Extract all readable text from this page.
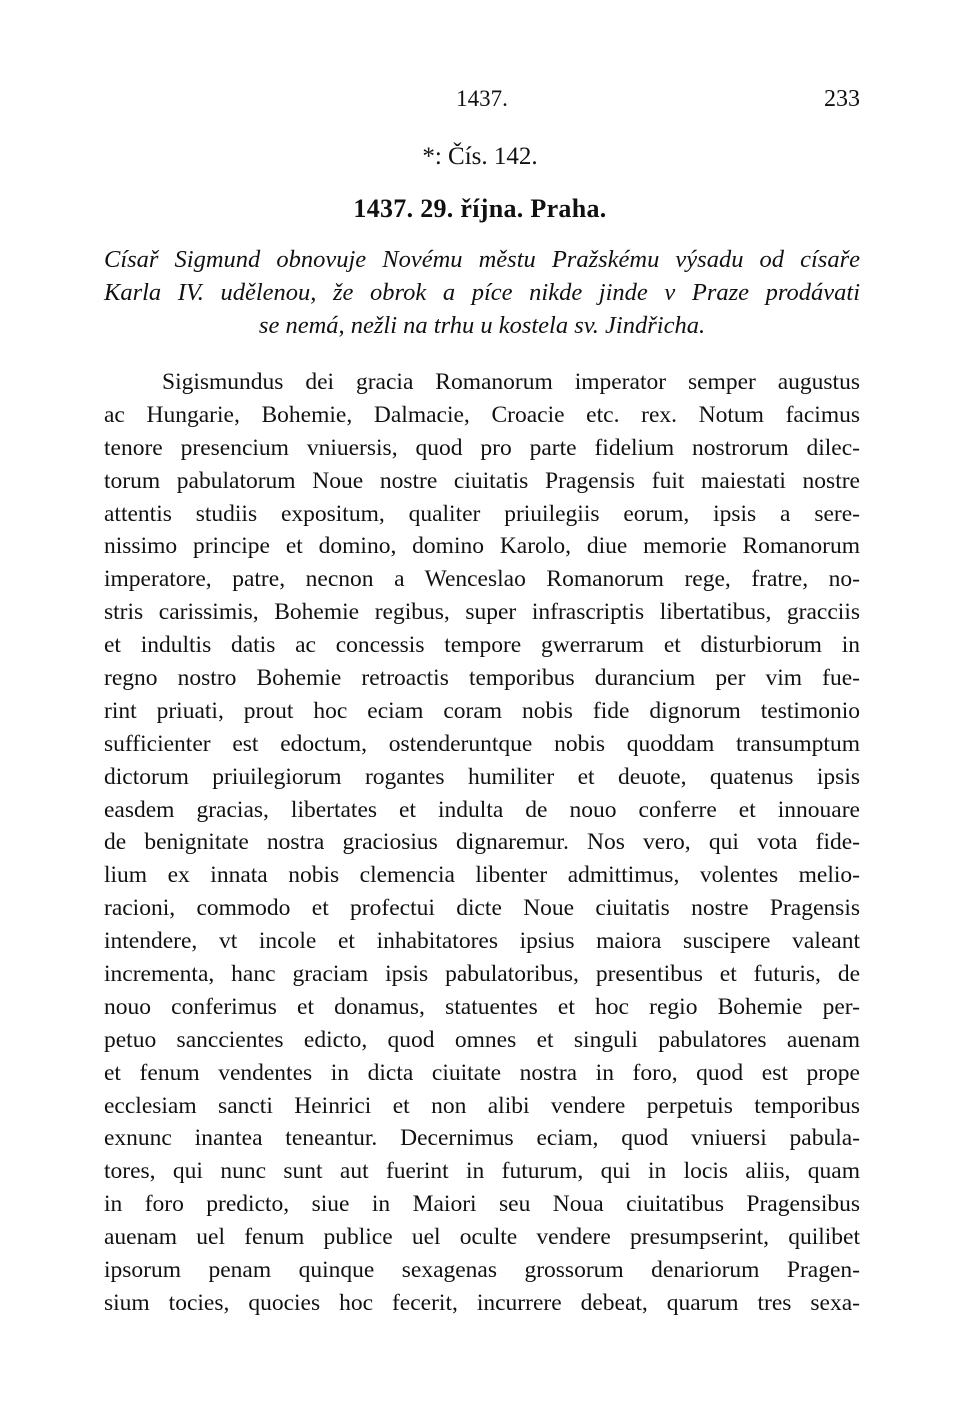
1437.	233
*: Čís. 142.
1437. 29. října. Praha.
Císař Sigmund obnovuje Novému městu Pražskému výsadu od císaře
Karla IV. udělenou, že obrok a píce nikde jinde v Praze prodávati
se nemá, nežli na trhu u kostela sv. Jindřicha.
Sigismundus dei gracia Romanorum imperator semper augustus
ac Hungarie, Bohemie, Dalmacie, Croacie etc. rex. Notum facimus
tenore presencium vniuersis, quod pro parte fidelium nostrorum dilec-
torum pabulatorum Noue nostre ciuitatis Pragensis fuit maiestati nostre
attentis studiis expositum, qualiter priuilegiis eorum, ipsis a sere-
nissimo principe et domino, domino Karolo, diue memorie Romanorum
imperatore, patre, necnon a Wenceslao Romanorum rege, fratre, no-
stris carissimis, Bohemie regibus, super infrascriptis libertatibus, gracciis
et indultis datis ac concessis tempore gwerrarum et disturbiorum in
regno nostro Bohemie retroactis temporibus durancium per vim fue-
rint priuati, prout hoc eciam coram nobis fide dignorum testimonio
sufficienter est edoctum, ostenderuntque nobis quoddam transumptum
dictorum priuilegiorum rogantes humiliter et deuote, quatenus ipsis
easdem gracias, libertates et indulta de nouo conferre et innouare
de benignitate nostra graciosius dignaremur. Nos vero, qui vota fide-
lium ex innata nobis clemencia libenter admittimus, volentes melio-
racioni, commodo et profectui dicte Noue ciuitatis nostre Pragensis
intendere, vt incole et inhabitatores ipsius maiora suscipere valeant
incrementa, hanc graciam ipsis pabulatoribus, presentibus et futuris, de
nouo conferimus et donamus, statuentes et hoc regio Bohemie per-
petuo sanccientes edicto, quod omnes et singuli pabulatores auenam
et fenum vendentes in dicta ciuitate nostra in foro, quod est prope
ecclesiam sancti Heinrici et non alibi vendere perpetuis temporibus
exnunc inantea teneantur. Decernimus eciam, quod vniuersi pabula-
tores, qui nunc sunt aut fuerint in futurum, qui in locis aliis, quam
in foro predicto, siue in Maiori seu Noua ciuitatibus Pragensibus
auenam uel fenum publice uel oculte vendere presumpserint, quilibet
ipsorum penam quinque sexagenas grossorum denariorum Pragen-
sium tocies, quocies hoc fecerit, incurrere debeat, quarum tres sexa-
